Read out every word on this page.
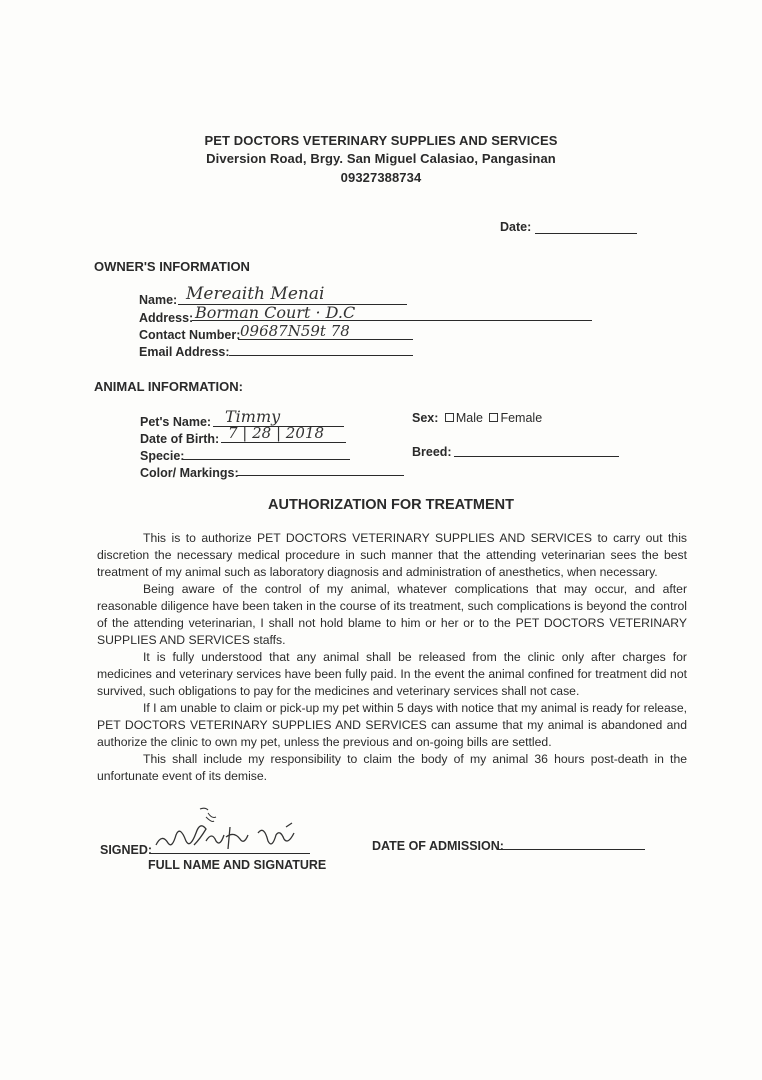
PET DOCTORS VETERINARY SUPPLIES AND SERVICES
Diversion Road, Brgy. San Miguel Calasiao, Pangasinan
09327388734
Date:
OWNER'S INFORMATION
Name: Mereaith Menai
Address: Borman Court · D.C
Contact Number: 09687N59t 78
Email Address:
ANIMAL INFORMATION:
Pet's Name: Timmy
Date of Birth: 7 | 28 | 2018
Specie:
Color/ Markings:
Sex: Male Female
Breed:
AUTHORIZATION FOR TREATMENT

This is to authorize PET DOCTORS VETERINARY SUPPLIES AND SERVICES to carry out this discretion the necessary medical procedure in such manner that the attending veterinarian sees the best treatment of my animal such as laboratory diagnosis and administration of anesthetics, when necessary.

Being aware of the control of my animal, whatever complications that may occur, and after reasonable diligence have been taken in the course of its treatment, such complications is beyond the control of the attending veterinarian, I shall not hold blame to him or her or to the PET DOCTORS VETERINARY SUPPLIES AND SERVICES staffs.

It is fully understood that any animal shall be released from the clinic only after charges for medicines and veterinary services have been fully paid. In the event the animal confined for treatment did not survived, such obligations to pay for the medicines and veterinary services shall not case.

If I am unable to claim or pick-up my pet within 5 days with notice that my animal is ready for release, PET DOCTORS VETERINARY SUPPLIES AND SERVICES can assume that my animal is abandoned and authorize the clinic to own my pet, unless the previous and on-going bills are settled.

This shall include my responsibility to claim the body of my animal 36 hours post-death in the unfortunate event of its demise.

SIGNED:
FULL NAME AND SIGNATURE
DATE OF ADMISSION:
